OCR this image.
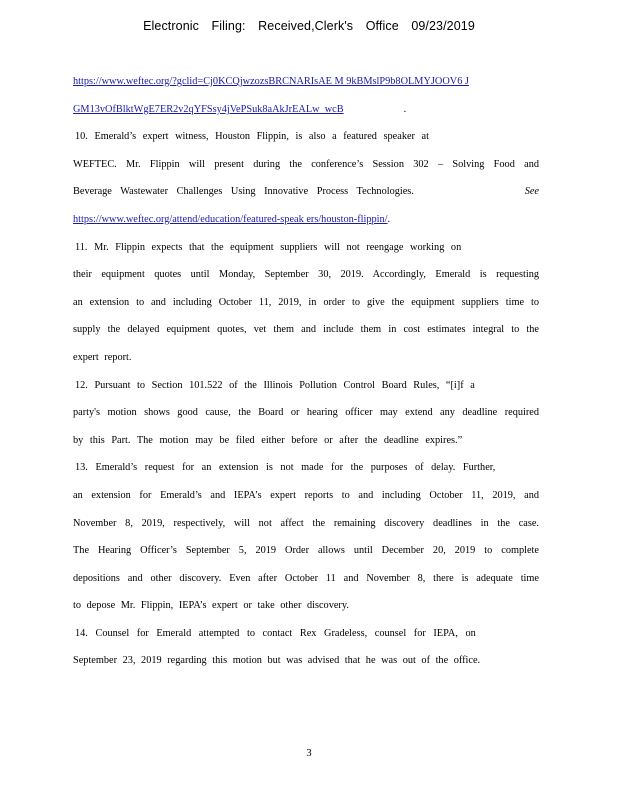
Electronic Filing: Received,Clerk's Office 09/23/2019
https://www.weftec.org/?gclid=Cj0KCQjwzozsBRCNARIsAE M 9kBMslP9b8OLMYJOOV6 J
GM13vOfBlktWgE7ER2v2qYFSsy4jVePSuk8aAkJrEALw_wcB	.
10. Emerald’s expert witness, Houston Flippin, is also a featured speaker at
WEFTEC. Mr. Flippin will present during the conference’s Session 302 – Solving Food and
Beverage Wastewater Challenges Using Innovative Process Technologies.	See
https://www.weftec.org/attend/education/featured-speak ers/houston-flippin/.
11. Mr. Flippin expects that the equipment suppliers will not reengage working on
their equipment quotes until Monday, September 30, 2019. Accordingly, Emerald is requesting
an extension to and including October 11, 2019, in order to give the equipment suppliers time to
supply the delayed equipment quotes, vet them and include them in cost estimates integral to the
expert report.
12. Pursuant to Section 101.522 of the Illinois Pollution Control Board Rules, “[i]f a
party's motion shows good cause, the Board or hearing officer may extend any deadline required
by this Part. The motion may be filed either before or after the deadline expires.”
13. Emerald’s request for an extension is not made for the purposes of delay. Further,
an extension for Emerald’s and IEPA’s expert reports to and including October 11, 2019, and
November 8, 2019, respectively, will not affect the remaining discovery deadlines in the case.
The Hearing Officer’s September 5, 2019 Order allows until December 20, 2019 to complete
depositions and other discovery. Even after October 11 and November 8, there is adequate time
to depose Mr. Flippin, IEPA’s expert or take other discovery.
14. Counsel for Emerald attempted to contact Rex Gradeless, counsel for IEPA, on
September 23, 2019 regarding this motion but was advised that he was out of the office.
3
